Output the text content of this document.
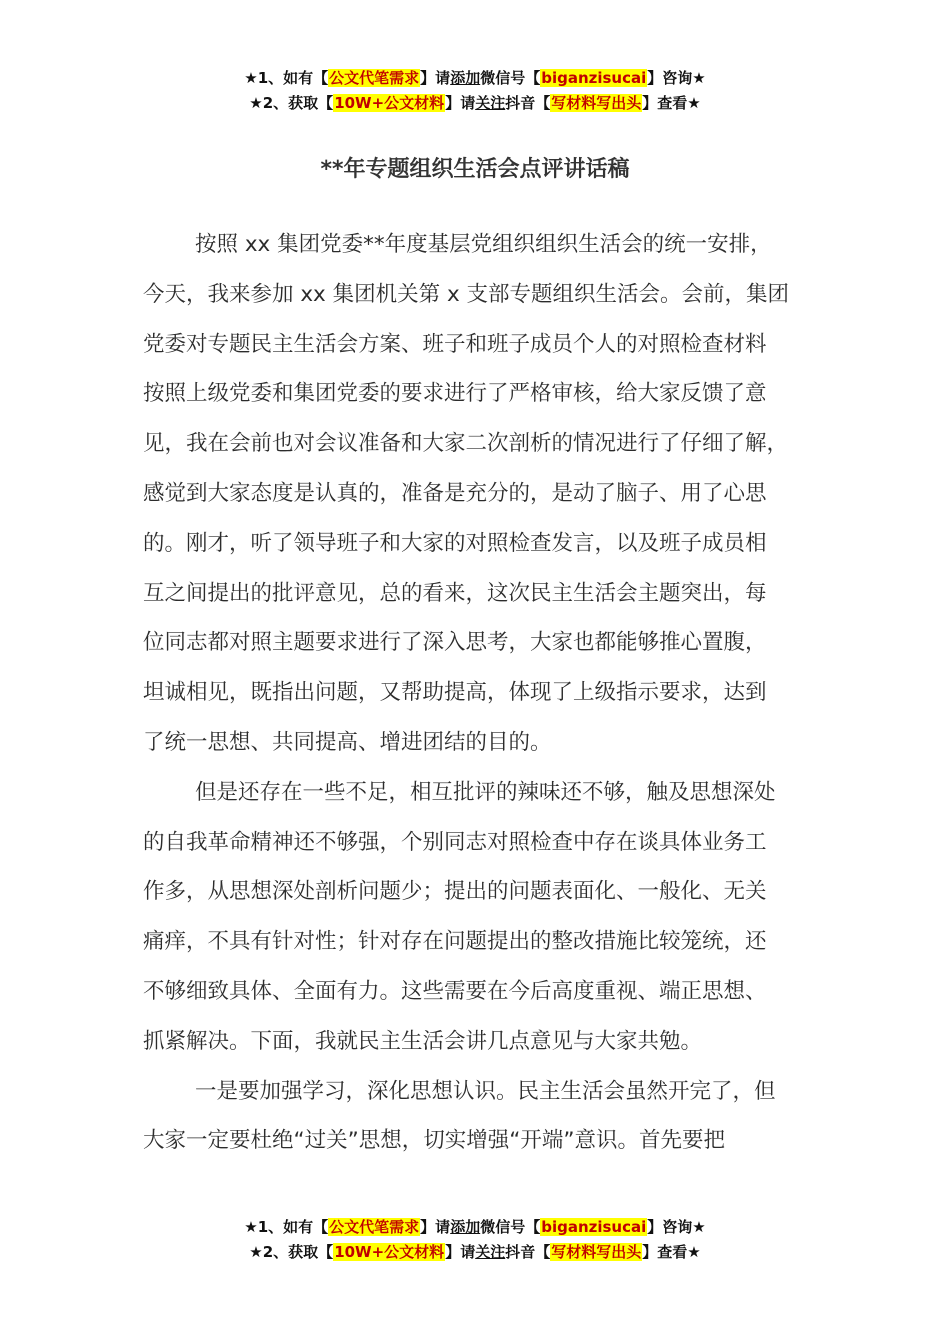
★1、如有【公文代笔需求】请添加微信号【biganzisucai】咨询★
★2、获取【10W+公文材料】请关注抖音【写材料写出头】查看★
**年专题组织生活会点评讲话稿
按照 xx 集团党委**年度基层党组织组织生活会的统一安排，
今天，我来参加 xx 集团机关第 x 支部专题组织生活会。会前，集团
党委对专题民主生活会方案、班子和班子成员个人的对照检查材料
按照上级党委和集团党委的要求进行了严格审核，给大家反馈了意
见，我在会前也对会议准备和大家二次剖析的情况进行了仔细了解，
感觉到大家态度是认真的，准备是充分的，是动了脑子、用了心思
的。刚才，听了领导班子和大家的对照检查发言，以及班子成员相
互之间提出的批评意见，总的看来，这次民主生活会主题突出，每
位同志都对照主题要求进行了深入思考，大家也都能够推心置腹，
坦诚相见，既指出问题，又帮助提高，体现了上级指示要求，达到
了统一思想、共同提高、增进团结的目的。
但是还存在一些不足，相互批评的辣味还不够，触及思想深处
的自我革命精神还不够强，个别同志对照检查中存在谈具体业务工
作多，从思想深处剖析问题少；提出的问题表面化、一般化、无关
痛痒，不具有针对性；针对存在问题提出的整改措施比较笼统，还
不够细致具体、全面有力。这些需要在今后高度重视、端正思想、
抓紧解决。下面，我就民主生活会讲几点意见与大家共勉。
一是要加强学习，深化思想认识。民主生活会虽然开完了，但
大家一定要杜绝“过关”思想，切实增强“开端”意识。首先要把
★1、如有【公文代笔需求】请添加微信号【biganzisucai】咨询★
★2、获取【10W+公文材料】请关注抖音【写材料写出头】查看★
